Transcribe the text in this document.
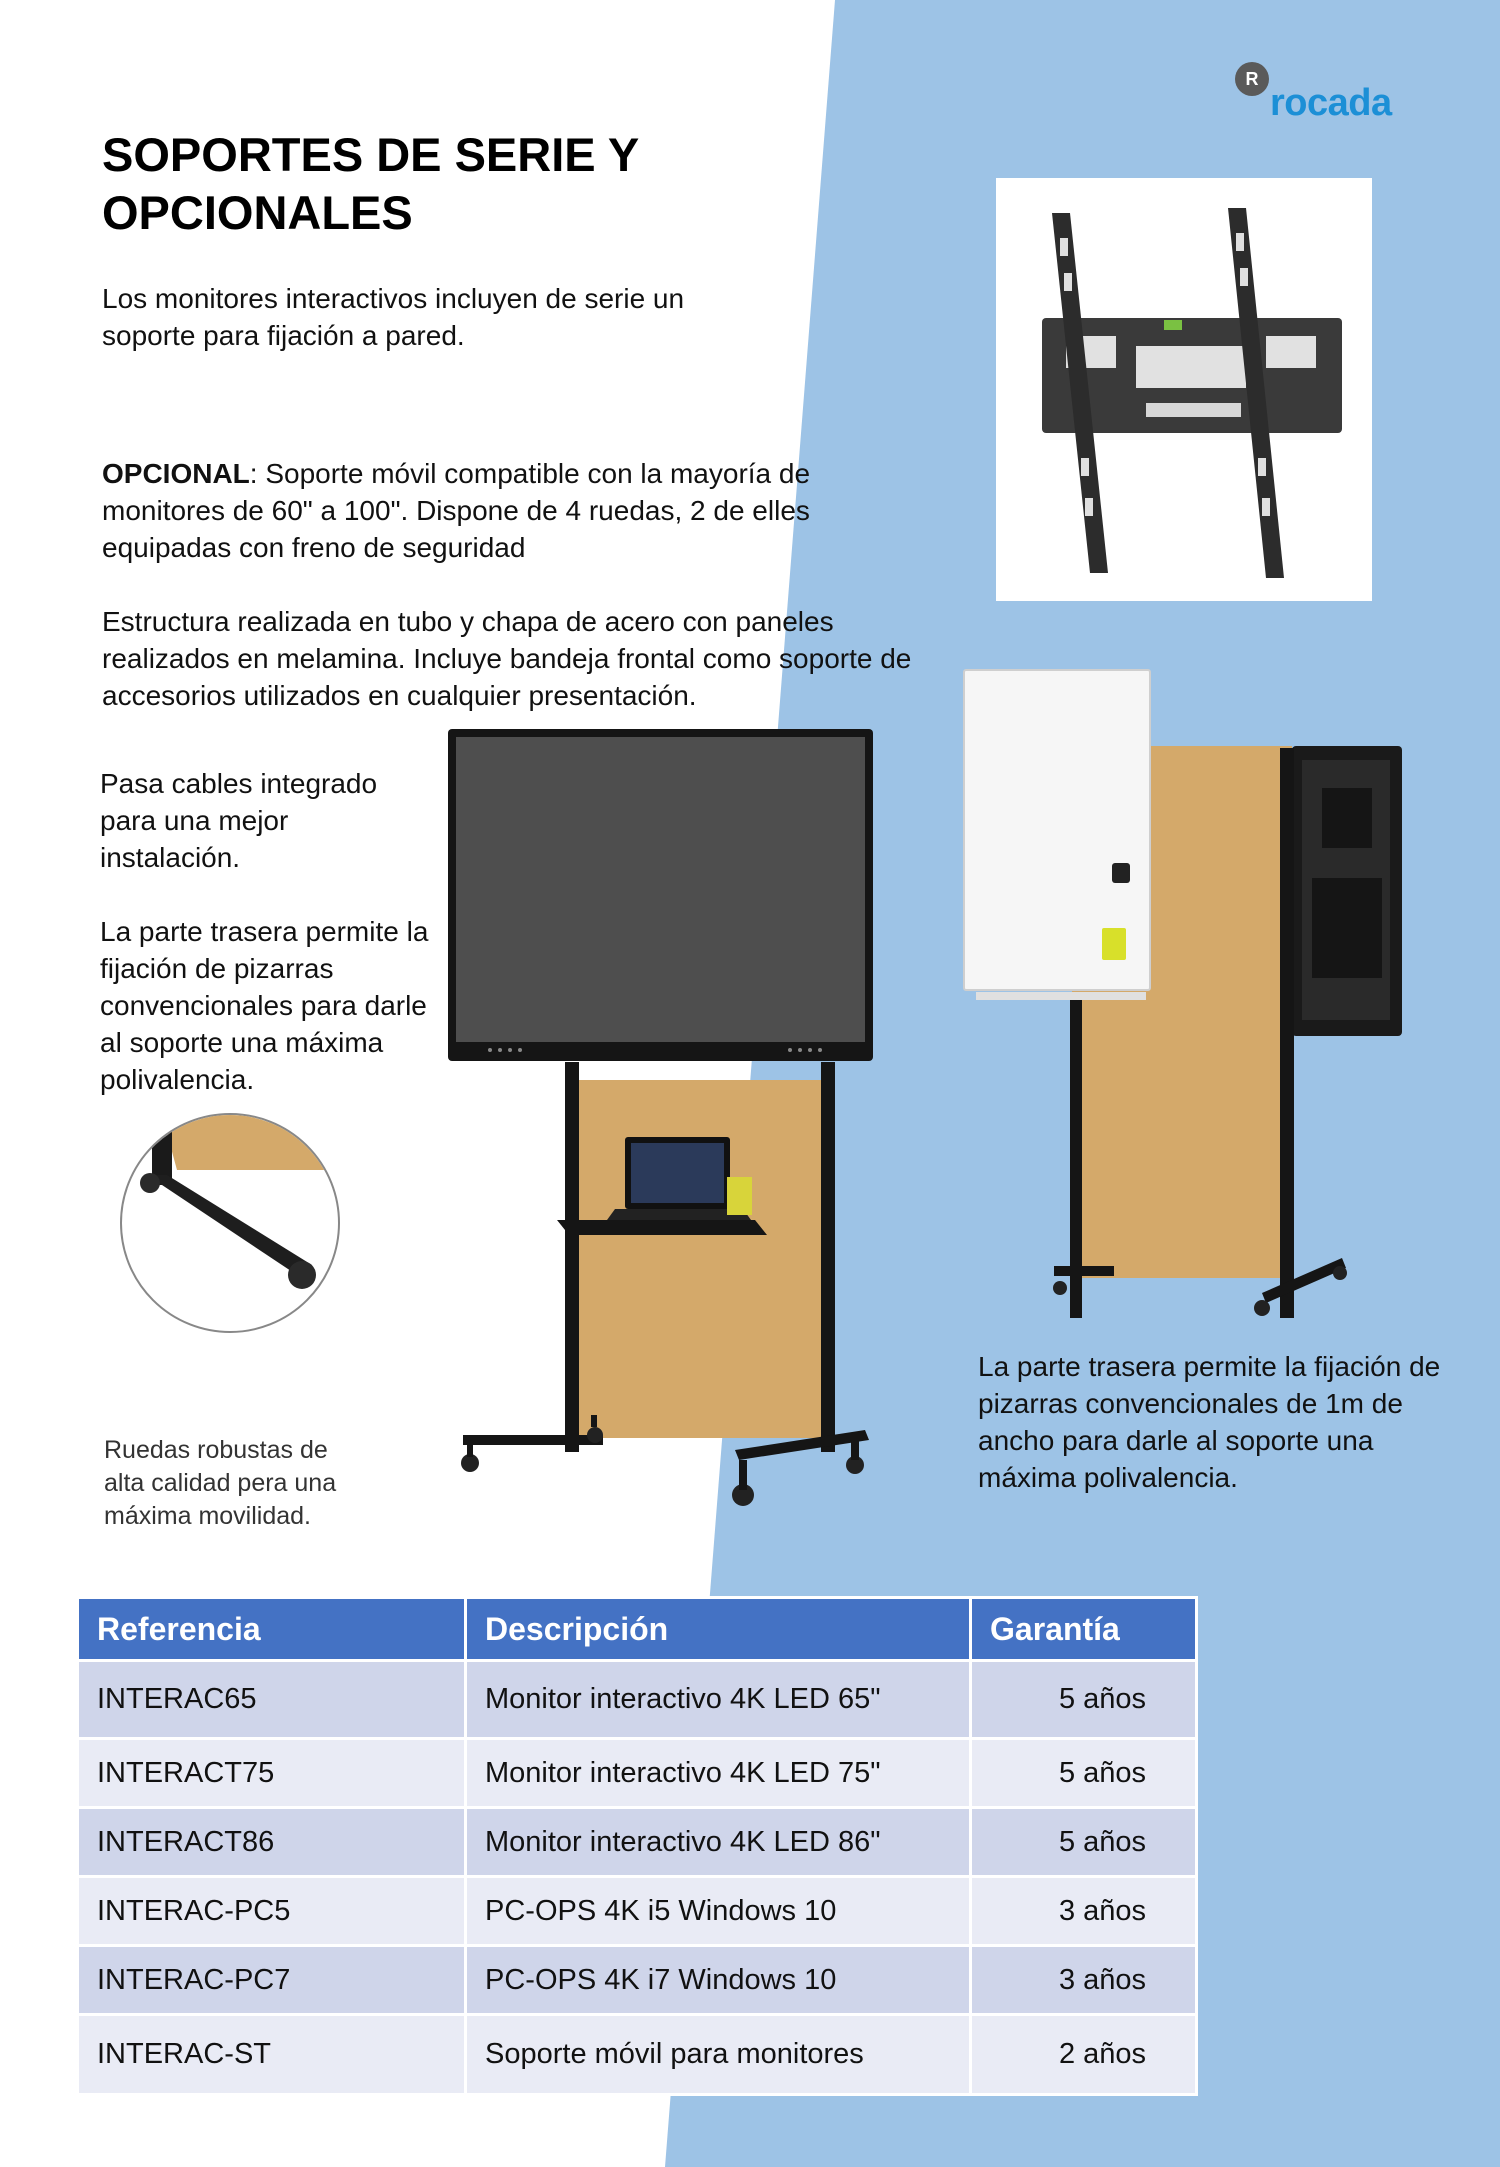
R
rocada
SOPORTES DE SERIE Y OPCIONALES
Los monitores interactivos incluyen de serie un soporte para fijación a pared.
OPCIONAL: Soporte móvil compatible con la mayoría de monitores de 60" a 100". Dispone de 4 ruedas, 2 de elles equipadas con freno de seguridad
Estructura realizada en tubo y chapa de acero con paneles realizados en melamina. Incluye bandeja frontal como soporte de accesorios utilizados en cualquier presentación.
Pasa cables integrado para una mejor instalación.
La parte trasera permite la fijación de pizarras convencionales para darle al soporte una máxima polivalencia.
La parte trasera permite la fijación de pizarras convencionales de 1m de ancho para darle al soporte una máxima polivalencia.
Ruedas robustas de alta calidad pera una máxima movilidad.
Referencia	Descripción	Garantía
INTERAC65	Monitor interactivo 4K LED 65"	5 años
INTERACT75	Monitor interactivo 4K LED 75"	5 años
INTERACT86	Monitor interactivo 4K LED 86"	5 años
INTERAC-PC5	PC-OPS 4K i5 Windows 10	3 años
INTERAC-PC7	PC-OPS 4K i7 Windows 10	3 años
INTERAC-ST	Soporte móvil para monitores	2 años
